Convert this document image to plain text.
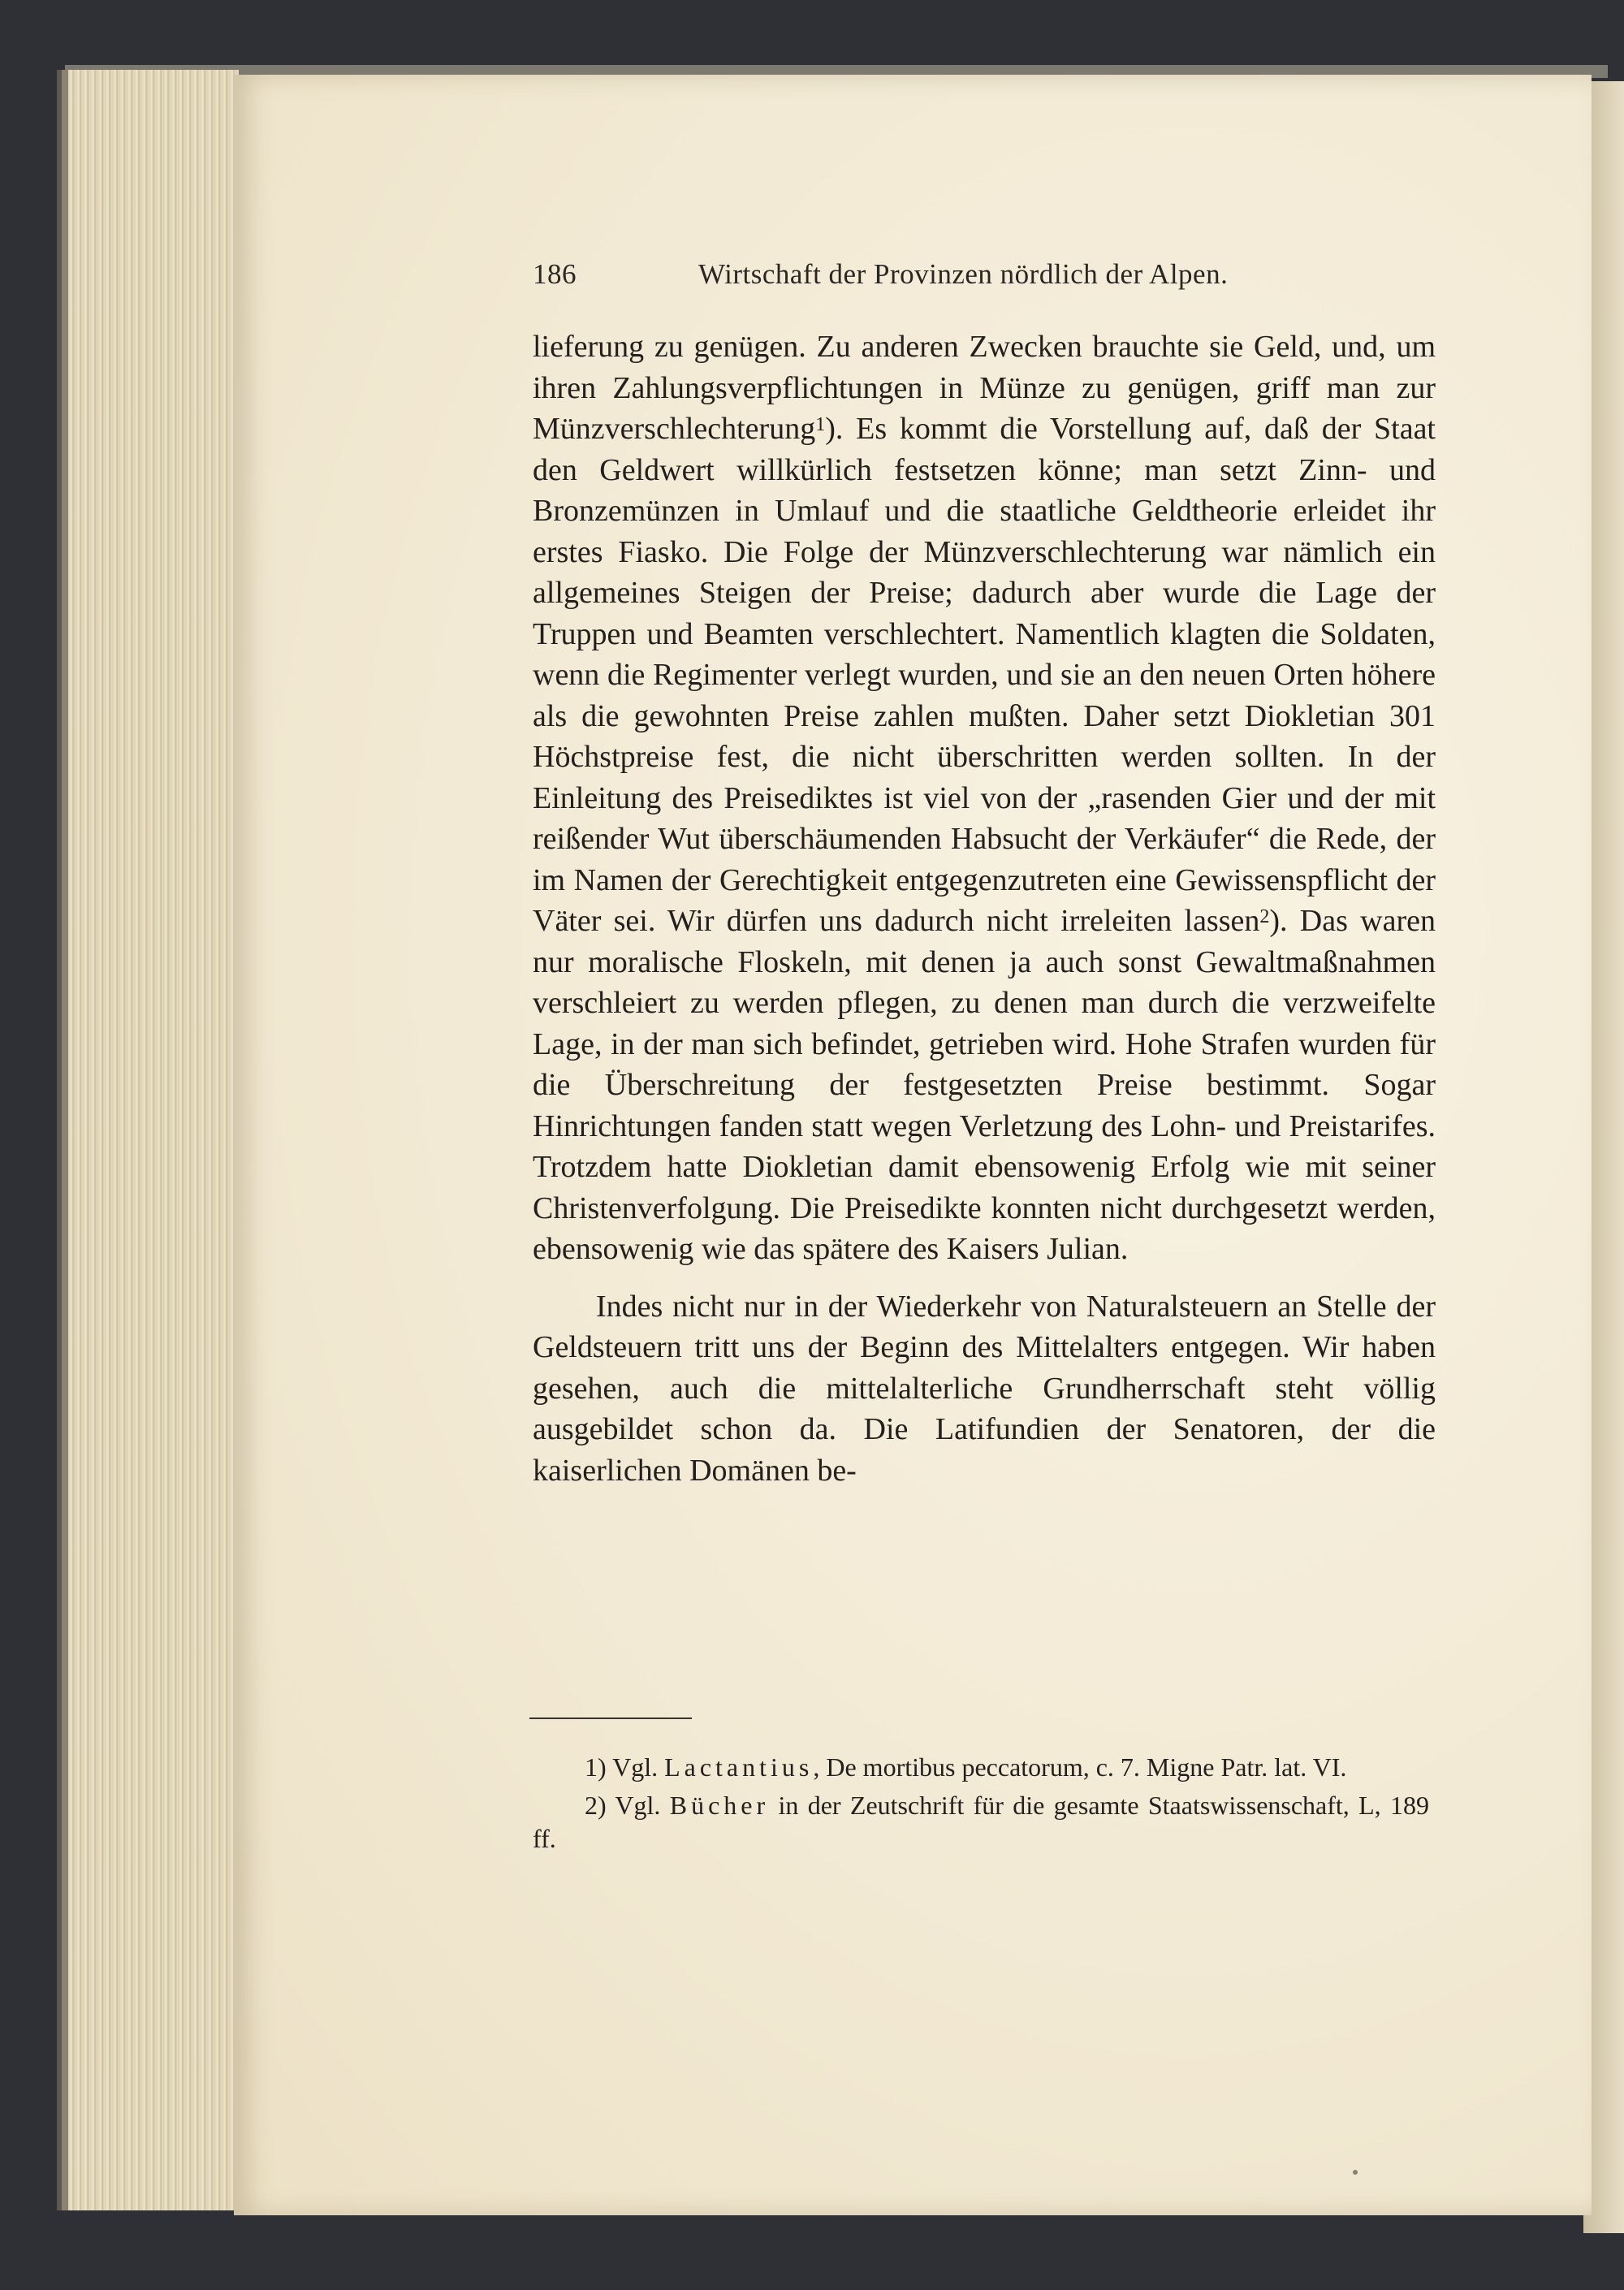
186	Wirtschaft der Provinzen nördlich der Alpen.

lieferung zu genügen. Zu anderen Zwecken brauchte sie Geld, und, um ihren Zahlungsverpflichtungen in Münze zu genügen, griff man zur Münzverschlechterung$^1$). Es kommt die Vorstellung auf, daß der Staat den Geldwert willkürlich festsetzen könne; man setzt Zinn- und Bronzemünzen in Umlauf und die staatliche Geldtheorie erleidet ihr erstes Fiasko. Die Folge der Münzverschlechterung war nämlich ein allgemeines Steigen der Preise; dadurch aber wurde die Lage der Truppen und Beamten verschlechtert. Namentlich klagten die Soldaten, wenn die Regimenter verlegt wurden, und sie an den neuen Orten höhere als die gewohnten Preise zahlen mußten. Daher setzt Diokletian 301 Höchstpreise fest, die nicht überschritten werden sollten. In der Einleitung des Preisediktes ist viel von der „rasenden Gier und der mit reißender Wut überschäumenden Habsucht der Verkäufer“ die Rede, der im Namen der Gerechtigkeit entgegenzutreten eine Gewissenspflicht der Väter sei. Wir dürfen uns dadurch nicht irreleiten lassen$^2$). Das waren nur moralische Floskeln, mit denen ja auch sonst Gewaltmaßnahmen verschleiert zu werden pflegen, zu denen man durch die verzweifelte Lage, in der man sich befindet, getrieben wird. Hohe Strafen wurden für die Überschreitung der festgesetzten Preise bestimmt. Sogar Hinrichtungen fanden statt wegen Verletzung des Lohn- und Preistarifes. Trotzdem hatte Diokletian damit ebensowenig Erfolg wie mit seiner Christenverfolgung. Die Preisedikte konnten nicht durchgesetzt werden, ebensowenig wie das spätere des Kaisers Julian.

Indes nicht nur in der Wiederkehr von Naturalsteuern an Stelle der Geldsteuern tritt uns der Beginn des Mittelalters entgegen. Wir haben gesehen, auch die mittelalterliche Grundherrschaft steht völlig ausgebildet schon da. Die Latifundien der Senatoren, der die kaiserlichen Domänen be-

1) Vgl. Lactantius, De mortibus peccatorum, c. 7. Migne Patr. lat. VI.

2) Vgl. Bücher in der Zeutschrift für die gesamte Staatswissenschaft, L, 189 ff.
